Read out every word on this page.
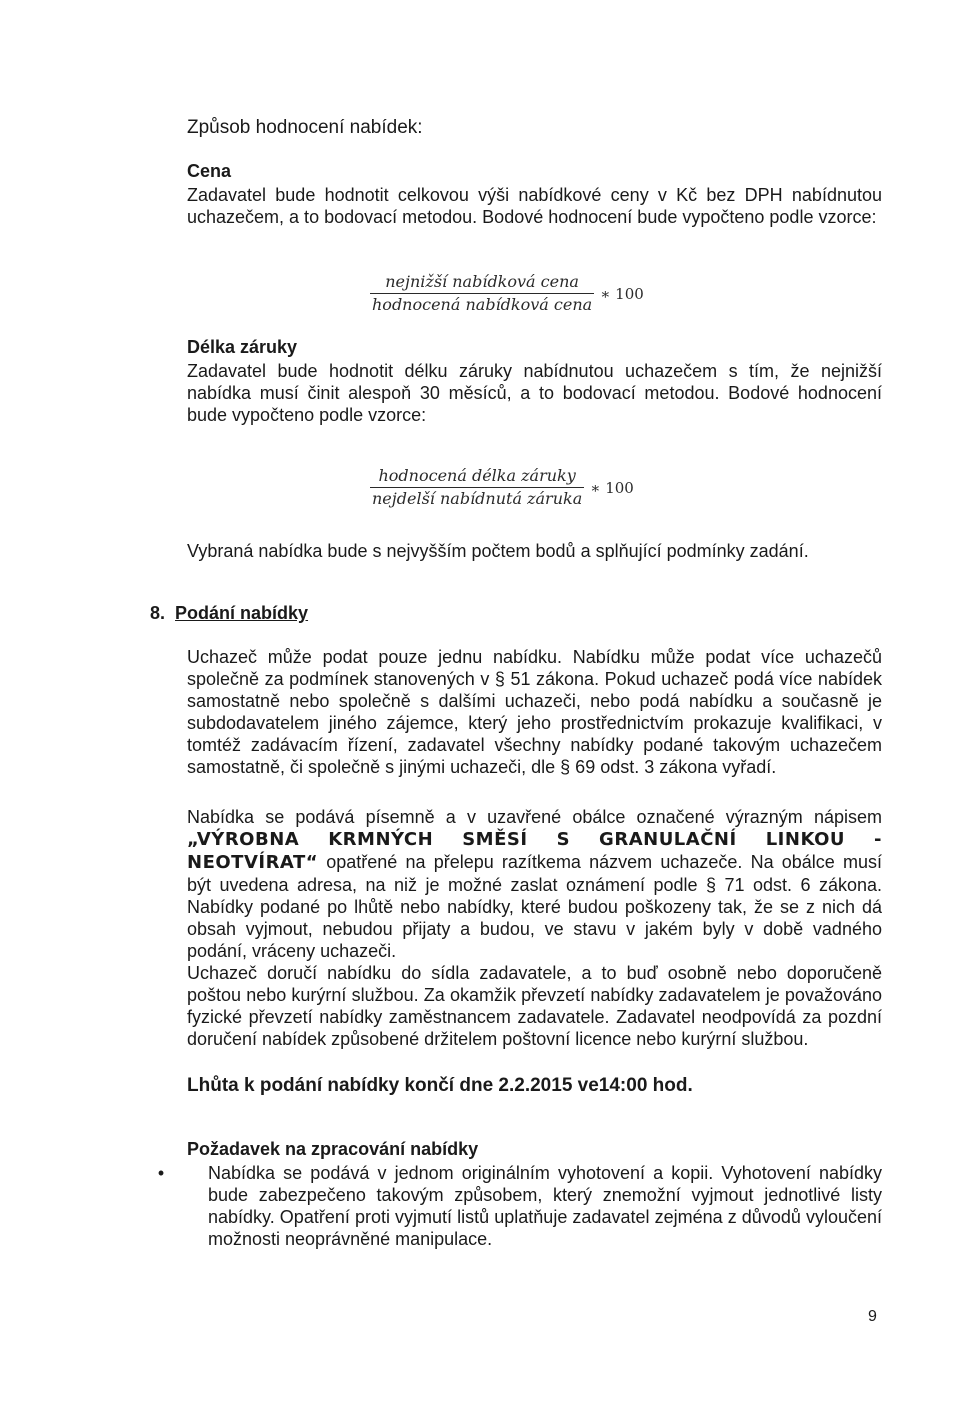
Způsob hodnocení nabídek:

Cena

Zadavatel bude hodnotit celkovou výši nabídkové ceny v Kč bez DPH nabídnutou uchazečem, a to bodovací metodou. Bodové hodnocení bude vypočteno podle vzorce:

$\frac{\text{nejnižší nabídková cena}}{\text{hodnocená nabídková cena}}$ ∗ 100

Délka záruky

Zadavatel bude hodnotit délku záruky nabídnutou uchazečem s tím, že nejnižší nabídka musí činit alespoň 30 měsíců, a to bodovací metodou. Bodové hodnocení bude vypočteno podle vzorce:

$\frac{\text{hodnocená délka záruky}}{\text{nejdelší nabídnutá záruka}}$ ∗ 100

Vybraná nabídka bude s nejvyšším počtem bodů a splňující podmínky zadání.

8. Podání nabídky

Uchazeč může podat pouze jednu nabídku. Nabídku může podat více uchazečů společně za podmínek stanovených v § 51 zákona. Pokud uchazeč podá více nabídek samostatně nebo společně s dalšími uchazeči, nebo podá nabídku a současně je subdodavatelem jiného zájemce, který jeho prostřednictvím prokazuje kvalifikaci, v tomtéž zadávacím řízení, zadavatel všechny nabídky podané takovým uchazečem samostatně, či společně s jinými uchazeči, dle § 69 odst. 3 zákona vyřadí.

Nabídka se podává písemně a v uzavřené obálce označené výrazným nápisem „VÝROBNA KRMNÝCH SMĚSÍ S GRANULAČNÍ LINKOU - NEOTVÍRAT“ opatřené na přelepu razítkema názvem uchazeče. Na obálce musí být uvedena adresa, na niž je možné zaslat oznámení podle § 71 odst. 6 zákona. Nabídky podané po lhůtě nebo nabídky, které budou poškozeny tak, že se z nich dá obsah vyjmout, nebudou přijaty a budou, ve stavu v jakém byly v době vadného podání, vráceny uchazeči.

Uchazeč doručí nabídku do sídla zadavatele, a to buď osobně nebo doporučeně poštou nebo kurýrní službou. Za okamžik převzetí nabídky zadavatelem je považováno fyzické převzetí nabídky zaměstnancem zadavatele. Zadavatel neodpovídá za pozdní doručení nabídek způsobené držitelem poštovní licence nebo kurýrní službou.

Lhůta k podání nabídky končí dne 2.2.2015 ve14:00 hod.

Požadavek na zpracování nabídky

•	Nabídka se podává v jednom originálním vyhotovení a kopii. Vyhotovení nabídky bude zabezpečeno takovým způsobem, který znemožní vyjmout jednotlivé listy nabídky. Opatření proti vyjmutí listů uplatňuje zadavatel zejména z důvodů vyloučení možnosti neoprávněné manipulace.
9
